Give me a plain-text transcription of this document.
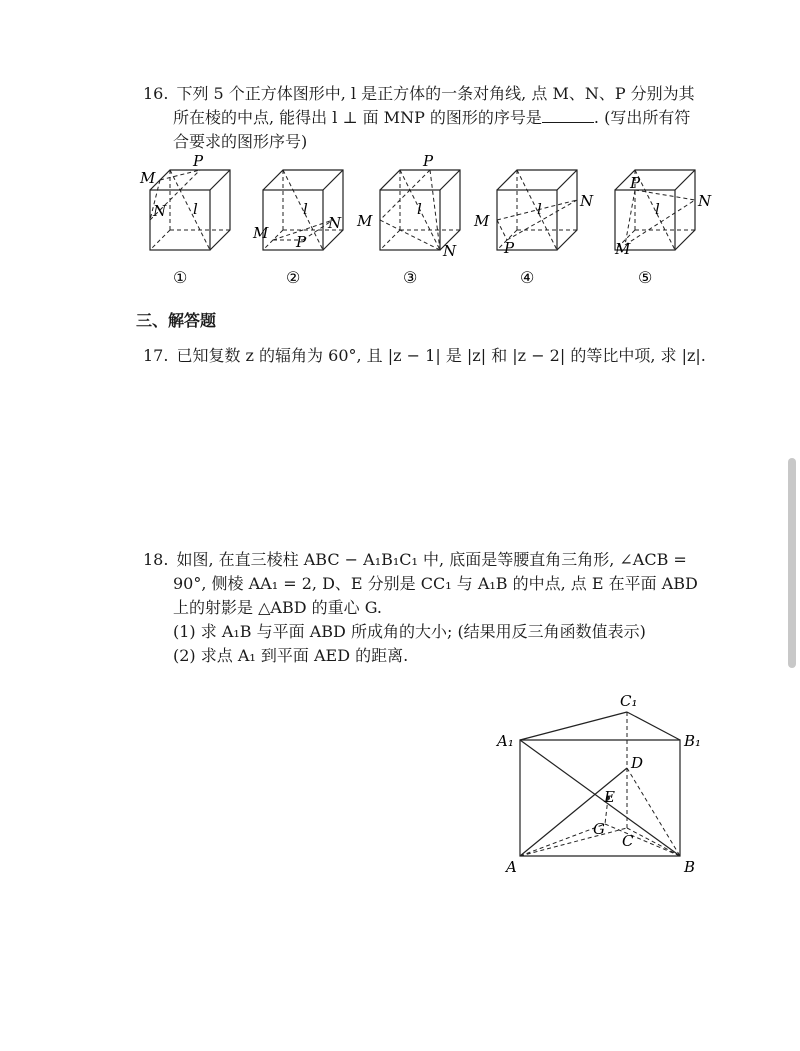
16. 下列 5 个正方体图形中, l 是正方体的一条对角线, 点 M、N、P 分别为其
所在棱的中点, 能得出 l ⊥ 面 MNP 的图形的序号是	. (写出所有符
合要求的图形序号)
M
P
N l
①
M P
N
l
②
M
P
N
l
③
M
P
N
l
④
P
N
M
l
⑤
三、解答题
17. 已知复数 z 的辐角为 60°, 且 |z − 1| 是 |z| 和 |z − 2| 的等比中项, 求 |z|.
18. 如图, 在直三棱柱 ABC − A₁B₁C₁ 中, 底面是等腰直角三角形, ∠ACB =
90°, 侧棱 AA₁ = 2, D、E 分别是 CC₁ 与 A₁B 的中点, 点 E 在平面 ABD
上的射影是 △ABD 的重心 G.
(1) 求 A₁B 与平面 ABD 所成角的大小; (结果用反三角函数值表示)
(2) 求点 A₁ 到平面 AED 的距离.
A₁	B₁
C₁
D
E
G
C
A	B
